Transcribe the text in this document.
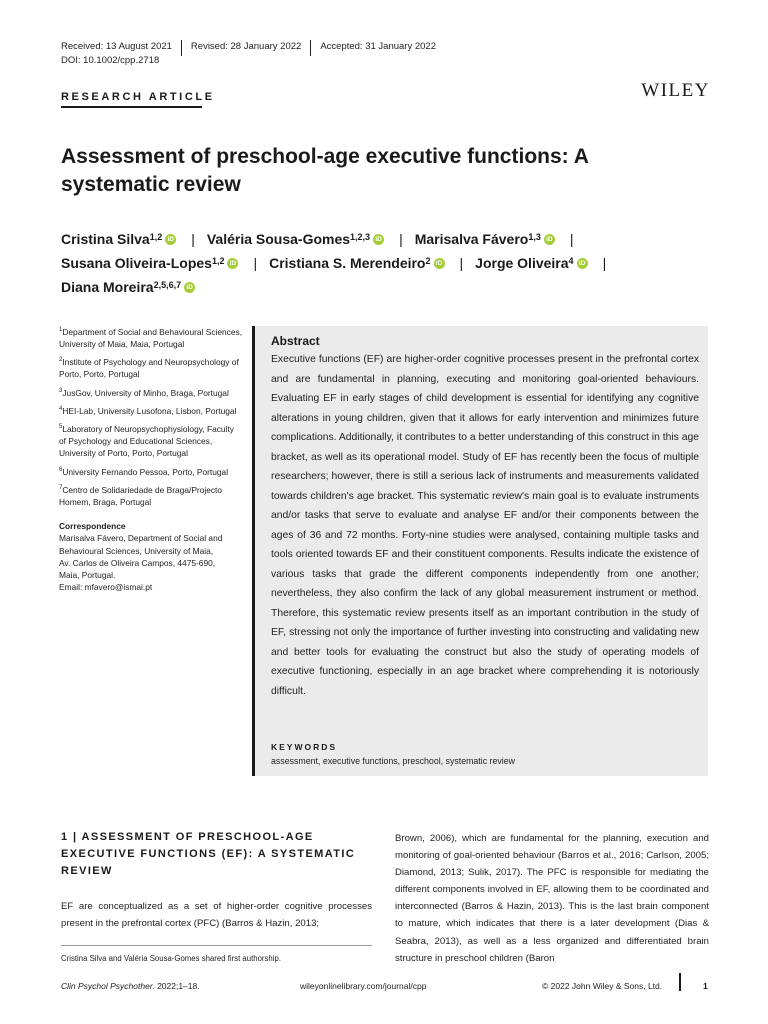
Received: 13 August 2021	Revised: 28 January 2022	Accepted: 31 January 2022
DOI: 10.1002/cpp.2718
WILEY
RESEARCH ARTICLE
Assessment of preschool-age executive functions: A systematic review
Cristina Silva$^{1,2}$ iD | Valéria Sousa-Gomes$^{1,2,3}$ iD | Marisalva Fávero$^{1,3}$ iD |
Susana Oliveira-Lopes$^{1,2}$ iD | Cristiana S. Merendeiro$^2$ iD | Jorge Oliveira$^4$ iD |
Diana Moreira$^{2,5,6,7}$ iD

$^1$Department of Social and Behavioural Sciences, University of Maia, Maia, Portugal

$^2$Institute of Psychology and Neuropsychology of Porto, Porto, Portugal

$^3$JusGov, University of Minho, Braga, Portugal

$^4$HEI-Lab, University Lusofona, Lisbon, Portugal

$^5$Laboratory of Neuropsychophysiology, Faculty of Psychology and Educational Sciences, University of Porto, Porto, Portugal

$^6$University Fernando Pessoa, Porto, Portugal

$^7$Centro de Solidariedade de Braga/Projecto Homem, Braga, Portugal

Correspondence

Marisalva Fávero, Department of Social and
Behavioural Sciences, University of Maia,
Av. Carlos de Oliveira Campos, 4475-690,
Maia, Portugal.
Email: mfavero@ismai.pt
Abstract
Executive functions (EF) are higher-order cognitive processes present in the prefrontal cortex and are fundamental in planning, executing and monitoring goal-oriented behaviours. Evaluating EF in early stages of child development is essential for identifying any cognitive alterations in young children, given that it allows for early intervention and minimizes future complications. Additionally, it contributes to a better understanding of this construct in this age bracket, as well as its operational model. Study of EF has recently been the focus of multiple researchers; however, there is still a serious lack of instruments and measurements validated towards children's age bracket. This systematic review's main goal is to evaluate instruments and/or tasks that serve to evaluate and analyse EF and/or their components between the ages of 36 and 72 months. Forty-nine studies were analysed, containing multiple tasks and tools oriented towards EF and their constituent components. Results indicate the existence of various tasks that grade the different components independently from one another; nevertheless, they also confirm the lack of any global measurement instrument or method. Therefore, this systematic review presents itself as an important contribution in the study of EF, stressing not only the importance of further investing into constructing and validating new and better tools for evaluating the construct but also the study of operating models of executive functioning, especially in an age bracket where comprehending it is notoriously difficult.
KEYWORDS
assessment, executive functions, preschool, systematic review
1 | ASSESSMENT OF PRESCHOOL-AGE EXECUTIVE FUNCTIONS (EF): A SYSTEMATIC REVIEW
EF are conceptualized as a set of higher-order cognitive processes present in the prefrontal cortex (PFC) (Barros & Hazin, 2013;
Cristina Silva and Valéria Sousa-Gomes shared first authorship.
Brown, 2006), which are fundamental for the planning, execution and monitoring of goal-oriented behaviour (Barros et al., 2016; Carlson, 2005; Diamond, 2013; Sulik, 2017). The PFC is responsible for mediating the different components involved in EF, allowing them to be coordinated and interconnected (Barros & Hazin, 2013). This is the last brain component to mature, which indicates that there is a later development (Dias & Seabra, 2013), as well as a less organized and differentiated brain structure in preschool children (Baron
Clin Psychol Psychother. 2022;1–18.	wileyonlinelibrary.com/journal/cpp	© 2022 John Wiley & Sons, Ltd.	1
